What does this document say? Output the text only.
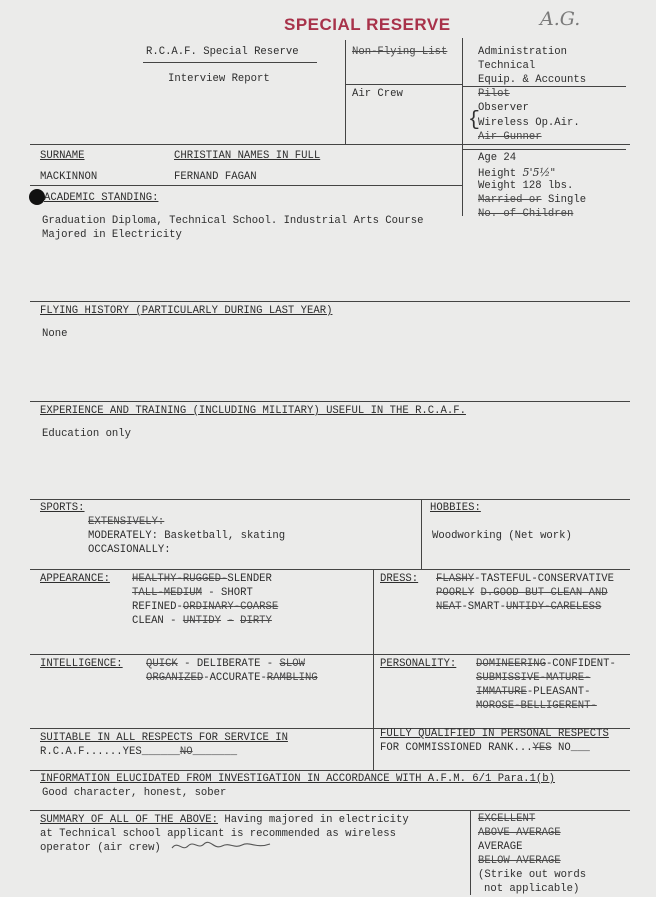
SPECIAL RESERVE	A.G.
R.C.A.F. Special Reserve
Interview Report
Non-Flying List
Air Crew
Administration
Technical
Equip. & Accounts
Pilot
Observer
Wireless Op.Air.
Air Gunner
{
SURNAME	CHRISTIAN NAMES IN FULL
MACKINNON	FERNAND FAGAN
Age 24
Height 5'5½"
Weight 128 lbs.
Married or Single
No. of Children
ACADEMIC STANDING:
Graduation Diploma, Technical School. Industrial Arts Course
Majored in Electricity
FLYING HISTORY (PARTICULARLY DURING LAST YEAR)
None
EXPERIENCE AND TRAINING (INCLUDING MILITARY) USEFUL IN THE R.C.A.F.
Education only
SPORTS:
EXTENSIVELY:
MODERATELY: Basketball, skating
OCCASIONALLY:
HOBBIES:
Woodworking (Net work)
APPEARANCE: HEALTHY-RUGGED-SLENDER
TALL-MEDIUM - SHORT
REFINED-ORDINARY-COARSE
CLEAN - UNTIDY - DIRTY
DRESS: FLASHY-TASTEFUL-CONSERVATIVE
POORLY D.GOOD BUT CLEAN AND
NEAT-SMART-UNTIDY-CARELESS
INTELLIGENCE: QUICK - DELIBERATE - SLOW
ORGANIZED-ACCURATE-RAMBLING
PERSONALITY: DOMINEERING-CONFIDENT-
SUBMISSIVE-MATURE-
IMMATURE-PLEASANT-
MOROSE-BELLIGERENT-
SUITABLE IN ALL RESPECTS FOR SERVICE IN
R.C.A.F......YES______NO_______
FULLY QUALIFIED IN PERSONAL RESPECTS
FOR COMMISSIONED RANK...YES NO___
INFORMATION ELUCIDATED FROM INVESTIGATION IN ACCORDANCE WITH A.F.M. 6/1 Para.1(b)
Good character, honest, sober
SUMMARY OF ALL OF THE ABOVE: Having majored in electricity
at Technical school applicant is recommended as wireless
operator (air crew)
EXCELLENT
ABOVE AVERAGE
AVERAGE
BELOW AVERAGE
(Strike out words
not applicable)
